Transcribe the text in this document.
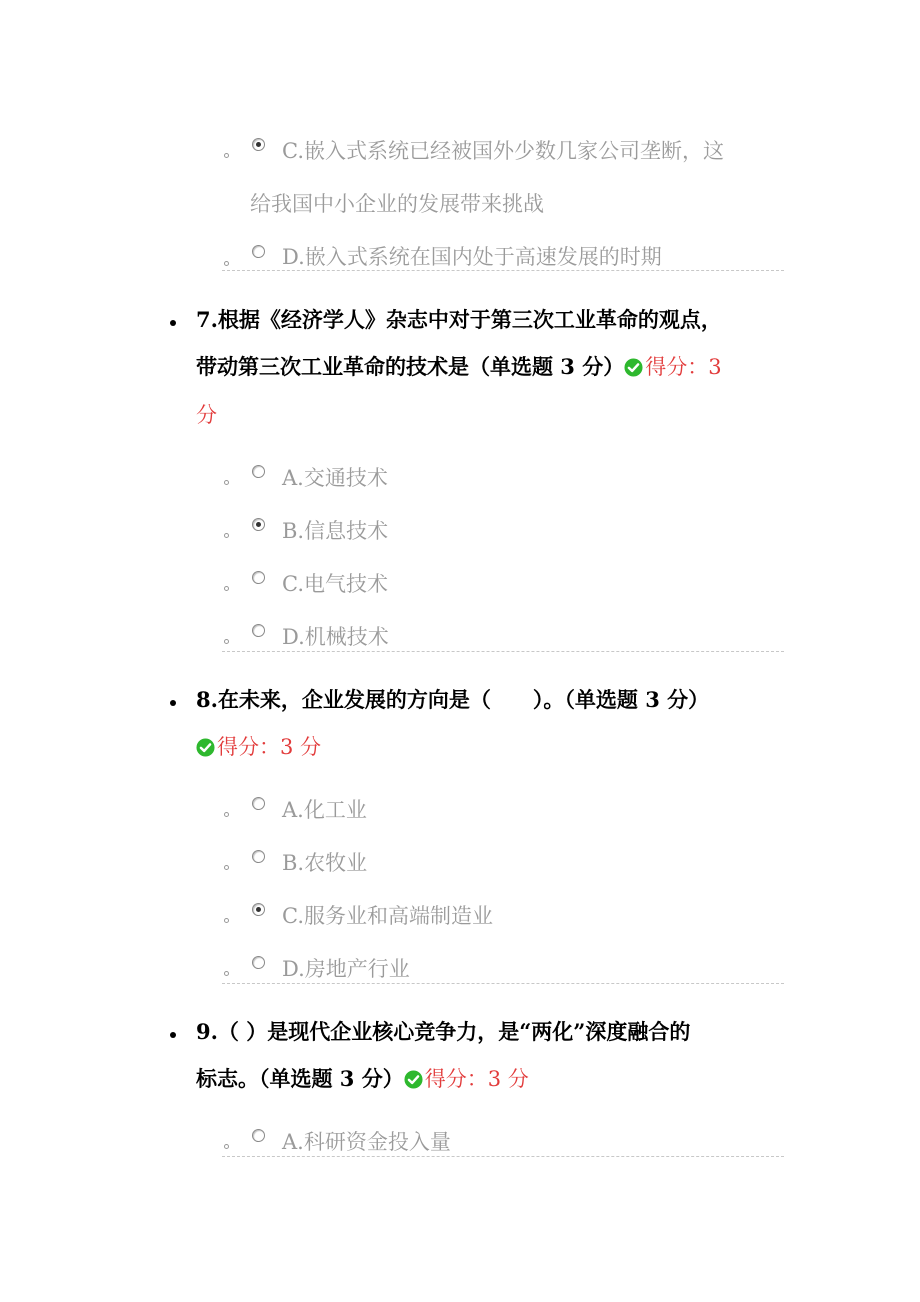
C.嵌入式系统已经被国外少数几家公司垄断，这
给我国中小企业的发展带来挑战
D.嵌入式系统在国内处于高速发展的时期
7.根据《经济学人》杂志中对于第三次工业革命的观点，
带动第三次工业革命的技术是（单选题 3 分） 得分：3
分
A.交通技术
B.信息技术
C.电气技术
D.机械技术
8.在未来，企业发展的方向是（　　）。（单选题 3 分）
得分：3 分
A.化工业
B.农牧业
C.服务业和高端制造业
D.房地产行业
9.（ ）是现代企业核心竞争力，是“两化”深度融合的
标志。（单选题 3 分） 得分：3 分
A.科研资金投入量
